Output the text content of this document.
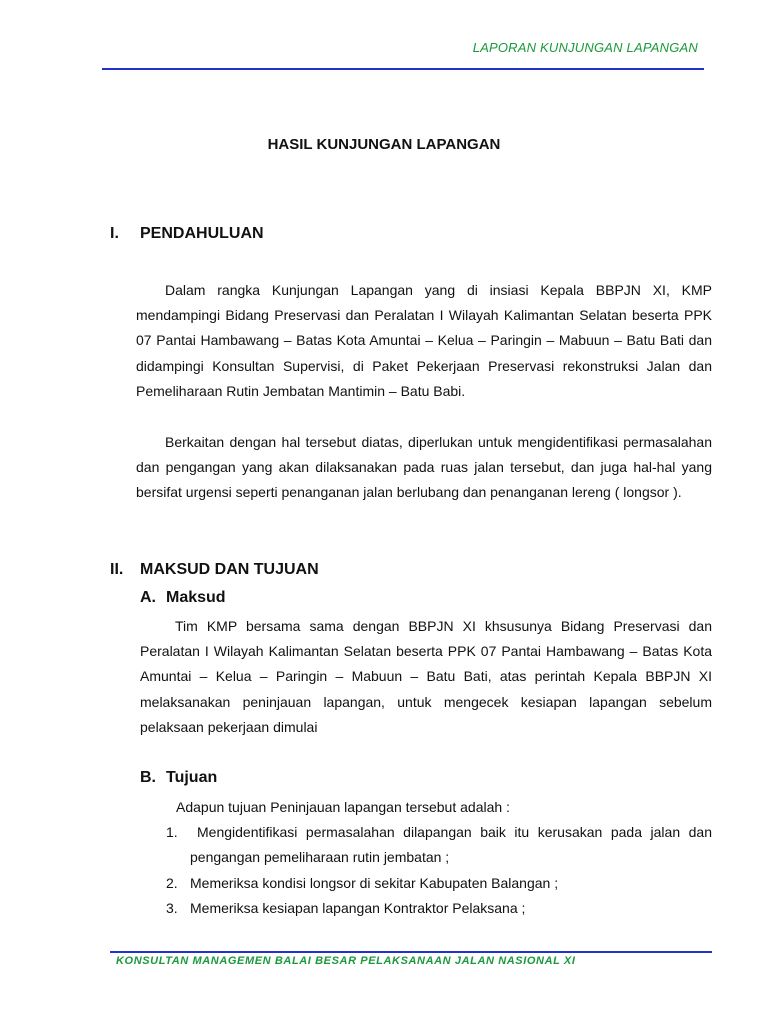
LAPORAN KUNJUNGAN LAPANGAN
HASIL KUNJUNGAN LAPANGAN
I. PENDAHULUAN

Dalam rangka Kunjungan Lapangan yang di insiasi Kepala BBPJN XI, KMP mendampingi Bidang Preservasi dan Peralatan I Wilayah Kalimantan Selatan beserta PPK 07 Pantai Hambawang – Batas Kota Amuntai – Kelua – Paringin – Mabuun – Batu Bati dan didampingi Konsultan Supervisi, di Paket Pekerjaan Preservasi rekonstruksi Jalan dan Pemeliharaan Rutin Jembatan Mantimin – Batu Babi.

Berkaitan dengan hal tersebut diatas, diperlukan untuk mengidentifikasi permasalahan dan pengangan yang akan dilaksanakan pada ruas jalan tersebut, dan juga hal-hal yang bersifat urgensi seperti penanganan jalan berlubang dan penanganan lereng ( longsor ).

II. MAKSUD DAN TUJUAN
A. Maksud

Tim KMP bersama sama dengan BBPJN XI khsusunya Bidang Preservasi dan Peralatan I Wilayah Kalimantan Selatan beserta PPK 07 Pantai Hambawang – Batas Kota Amuntai – Kelua – Paringin – Mabuun – Batu Bati, atas perintah Kepala BBPJN XI melaksanakan peninjauan lapangan, untuk mengecek kesiapan lapangan sebelum pelaksaan pekerjaan dimulai

B. Tujuan

Adapun tujuan Peninjauan lapangan tersebut adalah :

1.	Mengidentifikasi permasalahan dilapangan baik itu kerusakan pada jalan dan pengangan pemeliharaan rutin jembatan ;
2. Memeriksa kondisi longsor di sekitar Kabupaten Balangan ;
3. Memeriksa kesiapan lapangan Kontraktor Pelaksana ;
KONSULTAN MANAGEMEN BALAI BESAR PELAKSANAAN JALAN NASIONAL XI
